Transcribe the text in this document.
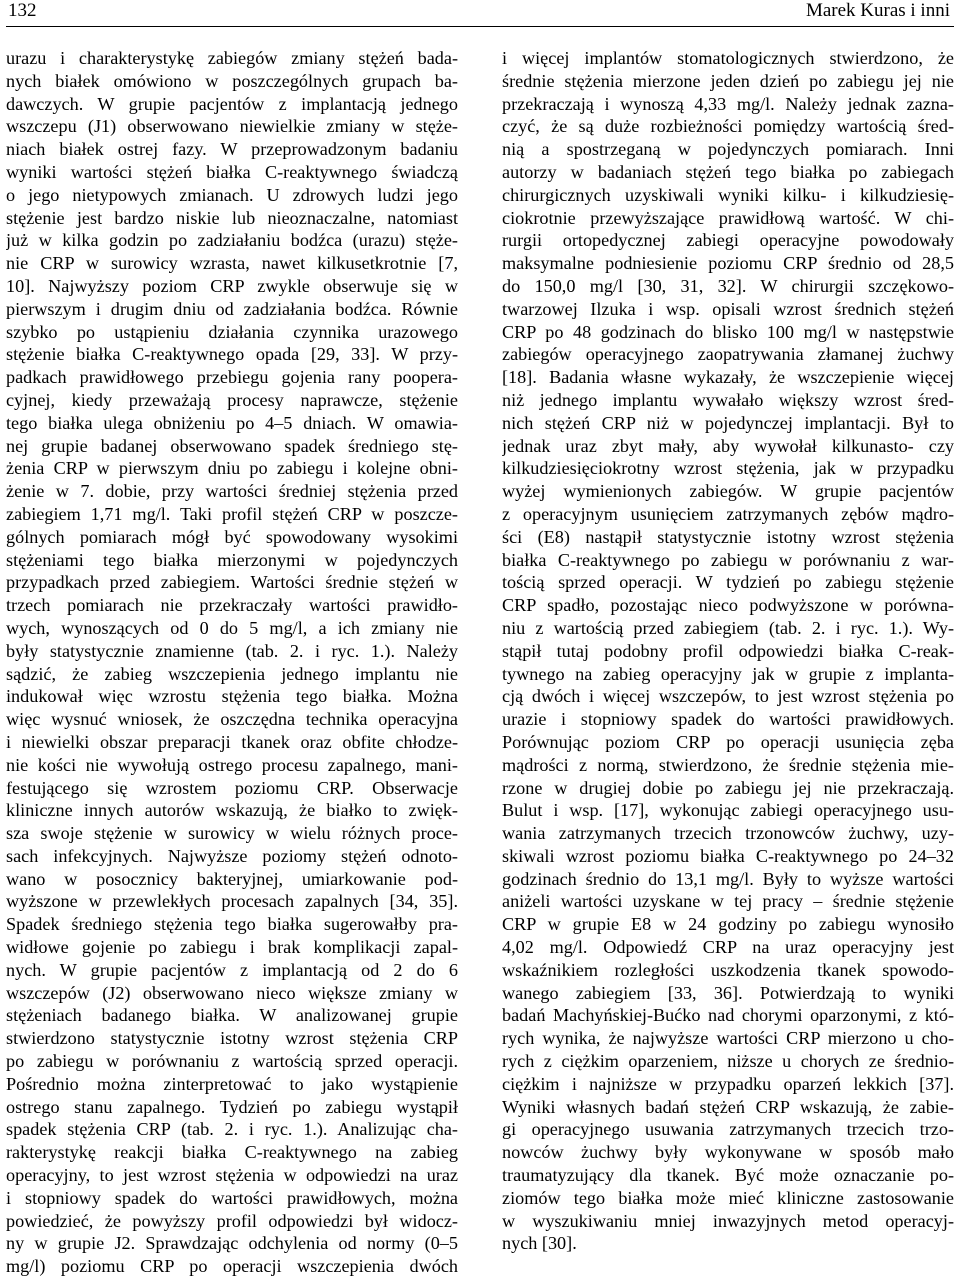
132	Marek Kuras i inni
urazu i charakterystykę zabiegów zmiany stężeń bada-
nych białek omówiono w poszczególnych grupach ba-
dawczych. W grupie pacjentów z implantacją jednego
wszczepu (J1) obserwowano niewielkie zmiany w stęże-
niach białek ostrej fazy. W przeprowadzonym badaniu
wyniki wartości stężeń białka C-reaktywnego świadczą
o jego nietypowych zmianach. U zdrowych ludzi jego
stężenie jest bardzo niskie lub nieoznaczalne, natomiast
już w kilka godzin po zadziałaniu bodźca (urazu) stęże-
nie CRP w surowicy wzrasta, nawet kilkusetkrotnie [7,
10]. Najwyższy poziom CRP zwykle obserwuje się w
pierwszym i drugim dniu od zadziałania bodźca. Równie
szybko po ustąpieniu działania czynnika urazowego
stężenie białka C-reaktywnego opada [29, 33]. W przy-
padkach prawidłowego przebiegu gojenia rany pooperа-
cyjnej, kiedy przeważają procesy naprawcze, stężenie
tego białka ulega obniżeniu po 4–5 dniach. W omawia-
nej grupie badanej obserwowano spadek średniego stę-
żenia CRP w pierwszym dniu po zabiegu i kolejne obni-
żenie w 7. dobie, przy wartości średniej stężenia przed
zabiegiem 1,71 mg/l. Taki profil stężeń CRP w poszcze-
gólnych pomiarach mógł być spowodowany wysokimi
stężeniami tego białka mierzonymi w pojedynczych
przypadkach przed zabiegiem. Wartości średnie stężeń w
trzech pomiarach nie przekraczały wartości prawidło-
wych, wynoszących od 0 do 5 mg/l, a ich zmiany nie
były statystycznie znamienne (tab. 2. i ryc. 1.). Należy
sądzić, że zabieg wszczepienia jednego implantu nie
indukował więc wzrostu stężenia tego białka. Można
więc wysnuć wniosek, że oszczędna technika operacyjna
i niewielki obszar preparacji tkanek oraz obfite chłodze-
nie kości nie wywołują ostrego procesu zapalnego, mani-
festującego się wzrostem poziomu CRP. Obserwacje
kliniczne innych autorów wskazują, że białko to zwięk-
sza swoje stężenie w surowicy w wielu różnych proce-
sach infekcyjnych. Najwyższe poziomy stężeń odnoto-
wano w posocznicy bakteryjnej, umiarkowanie pod-
wyższone w przewlekłych procesach zapalnych [34, 35].
Spadek średniego stężenia tego białka sugerowałby pra-
widłowe gojenie po zabiegu i brak komplikacji zapal-
nych. W grupie pacjentów z implantacją od 2 do 6
wszczepów (J2) obserwowano nieco większe zmiany w
stężeniach badanego białka. W analizowanej grupie
stwierdzono statystycznie istotny wzrost stężenia CRP
po zabiegu w porównaniu z wartością sprzed operacji.
Pośrednio można zinterpretować to jako wystąpienie
ostrego stanu zapalnego. Tydzień po zabiegu wystąpił
spadek stężenia CRP (tab. 2. i ryc. 1.). Analizując cha-
rakterystykę reakcji białka C-reaktywnego na zabieg
operacyjny, to jest wzrost stężenia w odpowiedzi na uraz
i stopniowy spadek do wartości prawidłowych, można
powiedzieć, że powyższy profil odpowiedzi był widocz-
ny w grupie J2. Sprawdzając odchylenia od normy (0–5
mg/l) poziomu CRP po operacji wszczepienia dwóch
i więcej implantów stomatologicznych stwierdzono, że
średnie stężenia mierzone jeden dzień po zabiegu jej nie
przekraczają i wynoszą 4,33 mg/l. Należy jednak zazna-
czyć, że są duże rozbieżności pomiędzy wartością śred-
nią a spostrzeganą w pojedynczych pomiarach. Inni
autorzy w badaniach stężeń tego białka po zabiegach
chirurgicznych uzyskiwali wyniki kilku- i kilkudziesię-
ciokrotnie przewyższające prawidłową wartość. W chi-
rurgii ortopedycznej zabiegi operacyjne powodowały
maksymalne podniesienie poziomu CRP średnio od 28,5
do 150,0 mg/l [30, 31, 32]. W chirurgii szczękowo-
twarzowej Ilzuka i wsp. opisali wzrost średnich stężeń
CRP po 48 godzinach do blisko 100 mg/l w następstwie
zabiegów operacyjnego zaopatrywania złamanej żuchwy
[18]. Badania własne wykazały, że wszczepienie więcej
niż jednego implantu wywałało większy wzrost śred-
nich stężeń CRP niż w pojedynczej implantacji. Był to
jednak uraz zbyt mały, aby wywołał kilkunasto- czy
kilkudziesięciokrotny wzrost stężenia, jak w przypadku
wyżej wymienionych zabiegów. W grupie pacjentów
z operacyjnym usunięciem zatrzymanych zębów mądro-
ści (E8) nastąpił statystycznie istotny wzrost stężenia
białka C-reaktywnego po zabiegu w porównaniu z war-
tością sprzed operacji. W tydzień po zabiegu stężenie
CRP spadło, pozostając nieco podwyższone w porówna-
niu z wartością przed zabiegiem (tab. 2. i ryc. 1.). Wy-
stąpił tutaj podobny profil odpowiedzi białka C-reak-
tywnego na zabieg operacyjny jak w grupie z implanta-
cją dwóch i więcej wszczepów, to jest wzrost stężenia po
urazie i stopniowy spadek do wartości prawidłowych.
Porównując poziom CRP po operacji usunięcia zęba
mądrości z normą, stwierdzono, że średnie stężenia mie-
rzone w drugiej dobie po zabiegu jej nie przekraczają.
Bulut i wsp. [17], wykonując zabiegi operacyjnego usu-
wania zatrzymanych trzecich trzonowców żuchwy, uzy-
skiwali wzrost poziomu białka C-reaktywnego po 24–32
godzinach średnio do 13,1 mg/l. Były to wyższe wartości
aniżeli wartości uzyskane w tej pracy – średnie stężenie
CRP w grupie E8 w 24 godziny po zabiegu wynosiło
4,02 mg/l. Odpowiedź CRP na uraz operacyjny jest
wskaźnikiem rozległości uszkodzenia tkanek spowodo-
wanego zabiegiem [33, 36]. Potwierdzają to wyniki
badań Machyńskiej-Bućko nad chorymi oparzonymi, z któ-
rych wynika, że najwyższe wartości CRP mierzono u cho-
rych z ciężkim oparzeniem, niższe u chorych ze średnio-
ciężkim i najniższe w przypadku oparzeń lekkich [37].
Wyniki własnych badań stężeń CRP wskazują, że zabie-
gi operacyjnego usuwania zatrzymanych trzecich trzo-
nowców żuchwy były wykonywane w sposób mało
traumatyzujący dla tkanek. Być może oznaczanie po-
ziomów tego białka może mieć kliniczne zastosowanie
w wyszukiwaniu mniej inwazyjnych metod operacyj-
nych [30].
